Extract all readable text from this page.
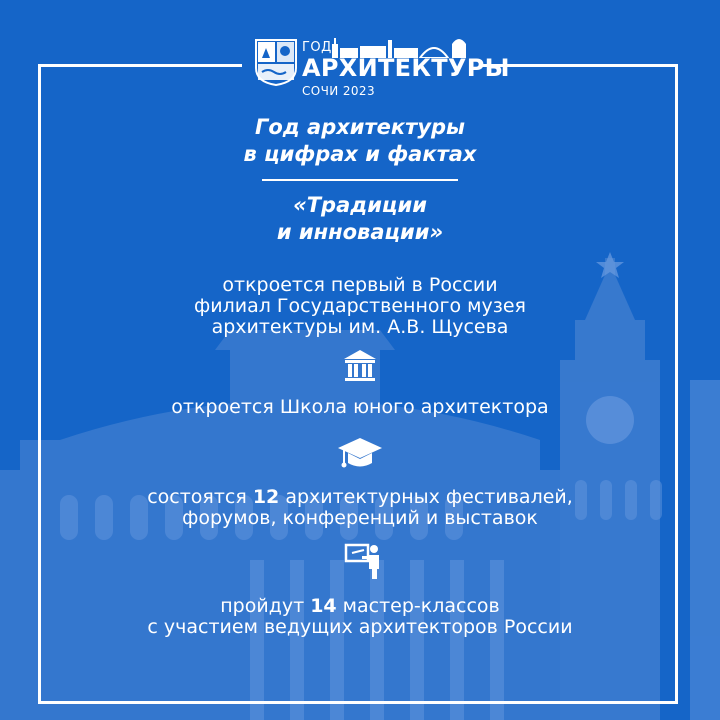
ГОД
АРХИТЕКТУРЫ
СОЧИ 2023
Год архитектуры
в цифрах и фактах
«Традиции
и инновации»
откроется первый в России
филиал Государственного музея
архитектуры им. А.В. Щусева
откроется Школа юного архитектора
состоятся 12 архитектурных фестивалей,
форумов, конференций и выставок
пройдут 14 мастер-классов
с участием ведущих архитекторов России
